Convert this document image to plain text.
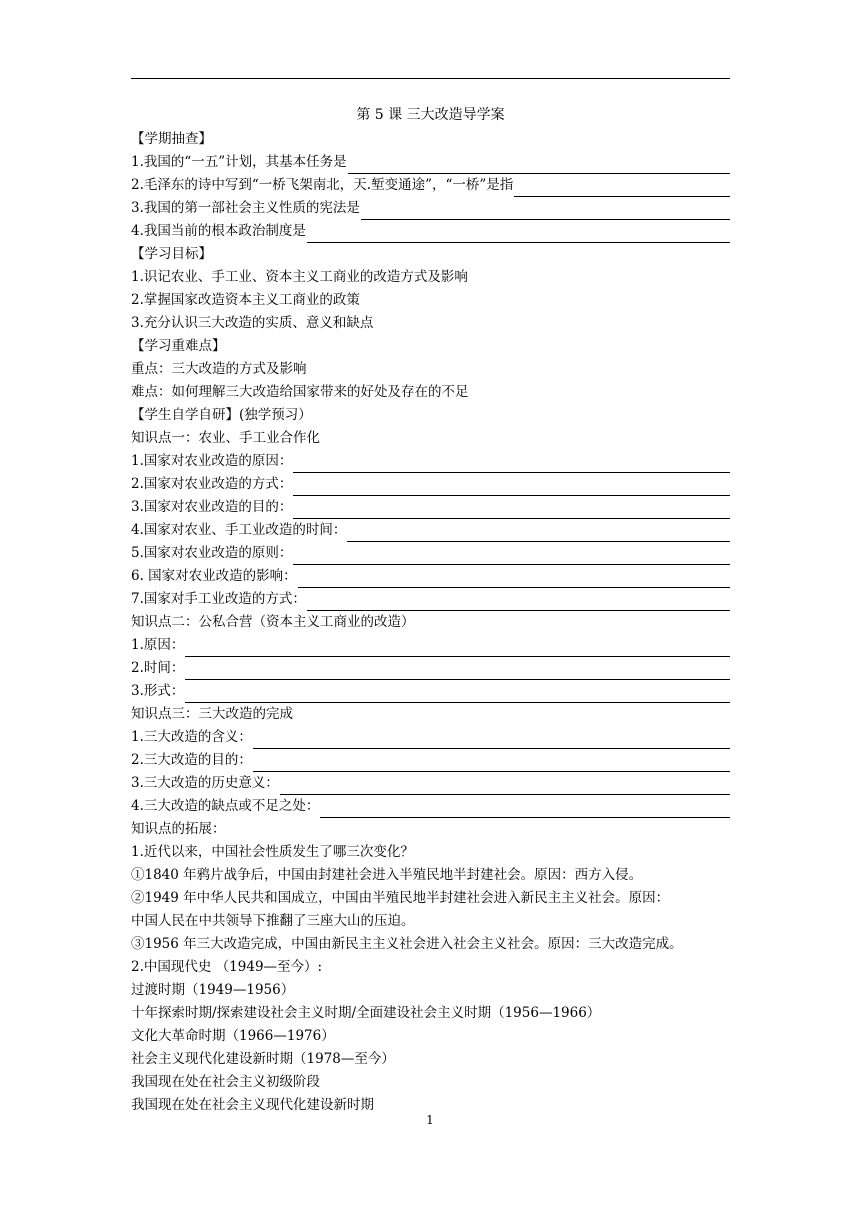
第 5 课 三大改造导学案
【学期抽查】
1.我国的“一五”计划，其基本任务是
2.毛泽东的诗中写到“一桥飞架南北，天.堑变通途”，“一桥”是指
3.我国的第一部社会主义性质的宪法是
4.我国当前的根本政治制度是
【学习目标】
1.识记农业、手工业、资本主义工商业的改造方式及影响
2.掌握国家改造资本主义工商业的政策
3.充分认识三大改造的实质、意义和缺点
【学习重难点】
重点：三大改造的方式及影响
难点：如何理解三大改造给国家带来的好处及存在的不足
【学生自学自研】(独学预习）
知识点一：农业、手工业合作化
1.国家对农业改造的原因：
2.国家对农业改造的方式：
3.国家对农业改造的目的：
4.国家对农业、手工业改造的时间：
5.国家对农业改造的原则：
6. 国家对农业改造的影响：
7.国家对手工业改造的方式：
知识点二：公私合营（资本主义工商业的改造）
1.原因：
2.时间：
3.形式：
知识点三：三大改造的完成
1.三大改造的含义：
2.三大改造的目的：
3.三大改造的历史意义：
4.三大改造的缺点或不足之处：
知识点的拓展：
1.近代以来，中国社会性质发生了哪三次变化？
①1840 年鸦片战争后，中国由封建社会进入半殖民地半封建社会。原因：西方入侵。
②1949 年中华人民共和国成立，中国由半殖民地半封建社会进入新民主主义社会。原因：
中国人民在中共领导下推翻了三座大山的压迫。
③1956 年三大改造完成，中国由新民主主义社会进入社会主义社会。原因：三大改造完成。
2.中国现代史 （1949—至今）:
过渡时期（1949—1956）
十年探索时期/探索建设社会主义时期/全面建设社会主义时期（1956—1966）
文化大革命时期（1966—1976）
社会主义现代化建设新时期（1978—至今）
我国现在处在社会主义初级阶段
我国现在处在社会主义现代化建设新时期
1
